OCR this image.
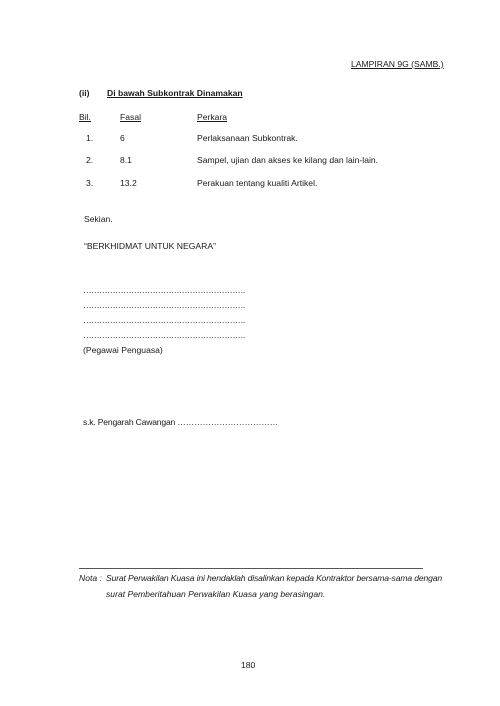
LAMPIRAN 9G (SAMB.)
(ii) Di bawah Subkontrak Dinamakan
Bil.	Fasal	Perkara
1.	6	Perlaksanaan Subkontrak.
2.	8.1	Sampel, ujian dan akses ke kilang dan lain-lain.
3.	13.2	Perakuan tentang kualiti Artikel.
Sekian.
“BERKHIDMAT UNTUK NEGARA”
…………………………………………………….
…………………………………………………….
…………………………………………………….
…………………………………………………….
(Pegawai Penguasa)
s.k. Pengarah Cawangan ………………………………
Nota : Surat Perwakilan Kuasa ini hendaklah disalinkan kepada Kontraktor bersama-sama dengan
surat Pemberitahuan Perwakilan Kuasa yang berasingan.
180
